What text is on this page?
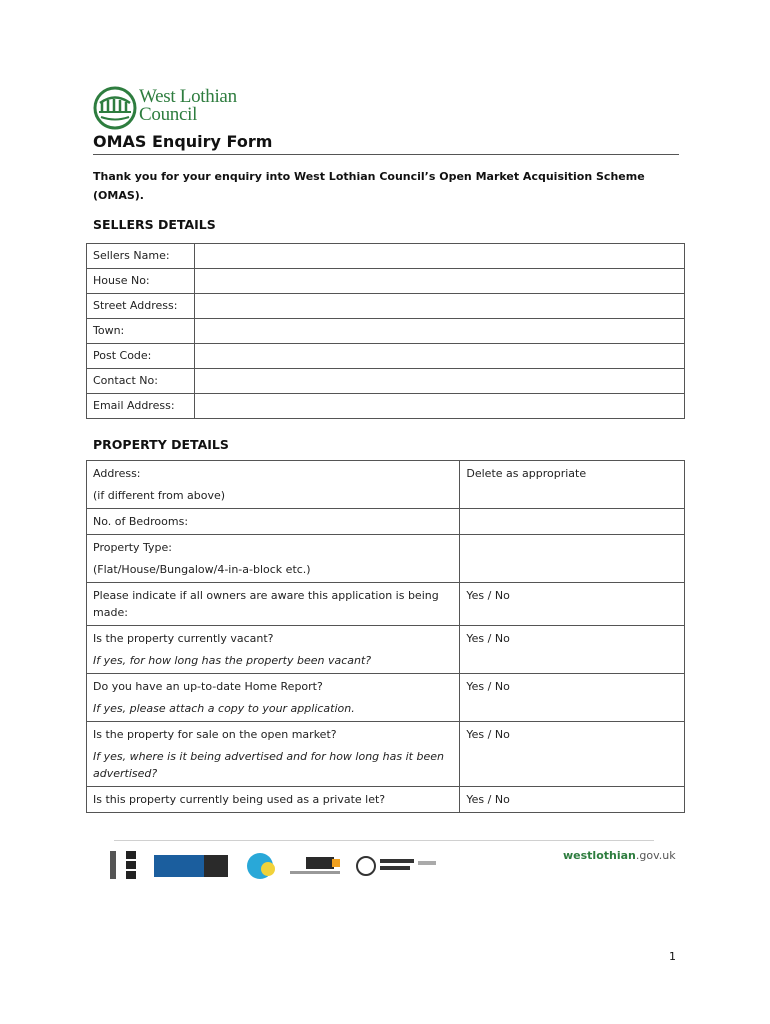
West Lothian
Council
OMAS Enquiry Form

Thank you for your enquiry into West Lothian Council’s Open Market Acquisition Scheme (OMAS).

SELLERS DETAILS
Sellers Name:	
House No:	
Street Address:	
Town:	
Post Code:	
Contact No:	
Email Address:	
PROPERTY DETAILS
Address:
(if different from above)	Delete as appropriate

No. of Bedrooms:	

Property Type:
(Flat/House/Bungalow/4-in-a-block etc.)	

Please indicate if all owners are aware this application is being made:	Yes / No

Is the property currently vacant?
If yes, for how long has the property been vacant?	Yes / No

Do you have an up-to-date Home Report?
If yes, please attach a copy to your application.	Yes / No

Is the property for sale on the open market?
If yes, where is it being advertised and for how long has it been advertised?	Yes / No

Is this property currently being used as a private let?	Yes / No
westlothian.gov.uk
1
